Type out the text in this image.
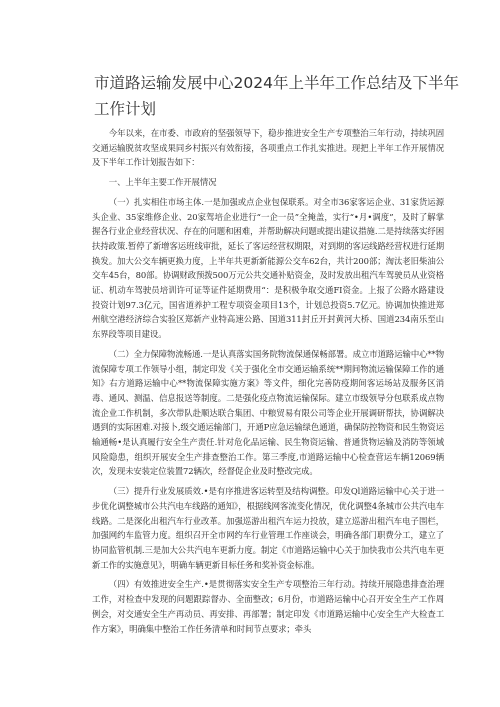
市道路运输发展中心2024年上半年工作总结及下半年
工作计划

今年以来，在市委、市政府的坚强领导下，稳步推进安全生产专项整治三年行动，持续巩固交通运输脱贫攻坚成果同乡村振兴有效衔接，各项重点工作扎实推进。现把上半年工作开展情况及下半年工作计划报告如下：

一、上半年主要工作开展情况

（一）扎实相住市场主体.一是加强或点企业包保联系。对全市36家客运企业、31家货运源头企业、35家维修企业、20家驾培企业进行“一企一员”全掩盖，实行“•月•调度”，及时了解掌握各行业企业经营状况、存在的问题和困难，并帮助解决问题或提出建议措施.二是持续落实纾困扶持政策.暂停了新增客运班线审批，延长了客运经营权期限，对到期的客运线路经营权进行延期换发。加大公交车辆更换力度，上半年共更新新能源公交车62台，共计200部；淘汰老旧柴油公交车45台，80部。协调财政预拨500万元公共交通补贴资金，及时发放出租汽车驾驶员从业资格证、机动车驾驶员培训许可证等证件延期费用“：是积极争取交通FI资金。上报了公路水路建设投资计划97.3亿元，国省道养护工程专项资金项目13个，计划总投资5.7亿元。协调加快推进郑州航空港经济综合实验区郑新产业特高速公路、国道311封丘开封黄河大桥、国道234南乐至山东界段等项目建设。

（二）全力保障物流畅通.一是认真落实国务院物流保通保畅部署。成立市道路运输中心**物流保障专项工作领导小组，制定印发《关于强化全市交通运输系统**期间物流运输保障工作的通知》右方道路运输中心**物流保障实施方案》等文件，细化完善防疫期间客运场站及服务区消毒、通风、测温、信息报送等制度。二是强化疫点物流运输保际。建立市级领导分包联系成点物流企业工作机制，多次带队赴顺达联合集团、中粮贸易有限公司等企业开展调研帮扶，协调解决遇到的实际困难.对接卜,级交通运输部门，开通P应急运输绿色通道，确保防控物资和民生物资运输通畅•是认真履行安全生产责任.针对危化品运输、民生物资运输、普通货物运输及消防等领域风险隐患，组织开展安全生产排查整治工作。第三季度,市道路运输中心检查营运车辆12069辆次，发现未安装定位装置72辆次，经督促企业及时整改完成。

（三）提升行业发展质效.•是有序推进客运转型及结构调整。印发Ql道路运输中心关于进一步优化调整城市公共汽电车线路的通知》，根据线网客流变化情况，优化调整4条城市公共汽电车线路。二是深化出租汽车行业改革。加强巡游出租汽车运力投放，建立巡游出租汽车电子围栏，加强网约车监管力度。组织召开全市网约车行业管理工作座谈会，明确各部门职费分工，建立了协同监管机制.三是加大公共汽电车更新力度。制定《市道路运输中心关于加快我市公共汽电车更新工作的实施意见》，明确车辆更新目标任务和奖补资金标准。

（四）有效推进安全生产.•是贯彻落实安全生产专项整治三年行动。持续开展隐患排查治理工作，对检查中发现的问题跟踪督办、全面整改；6月份，市道路运输中心召开安全生产工作周例会，对交通安全生产再动员、再安排、再部署；制定印发《市道路运输中心安全生产大检查工作方案》，明确集中整治工作任务清单和时间节点要求；牵头
